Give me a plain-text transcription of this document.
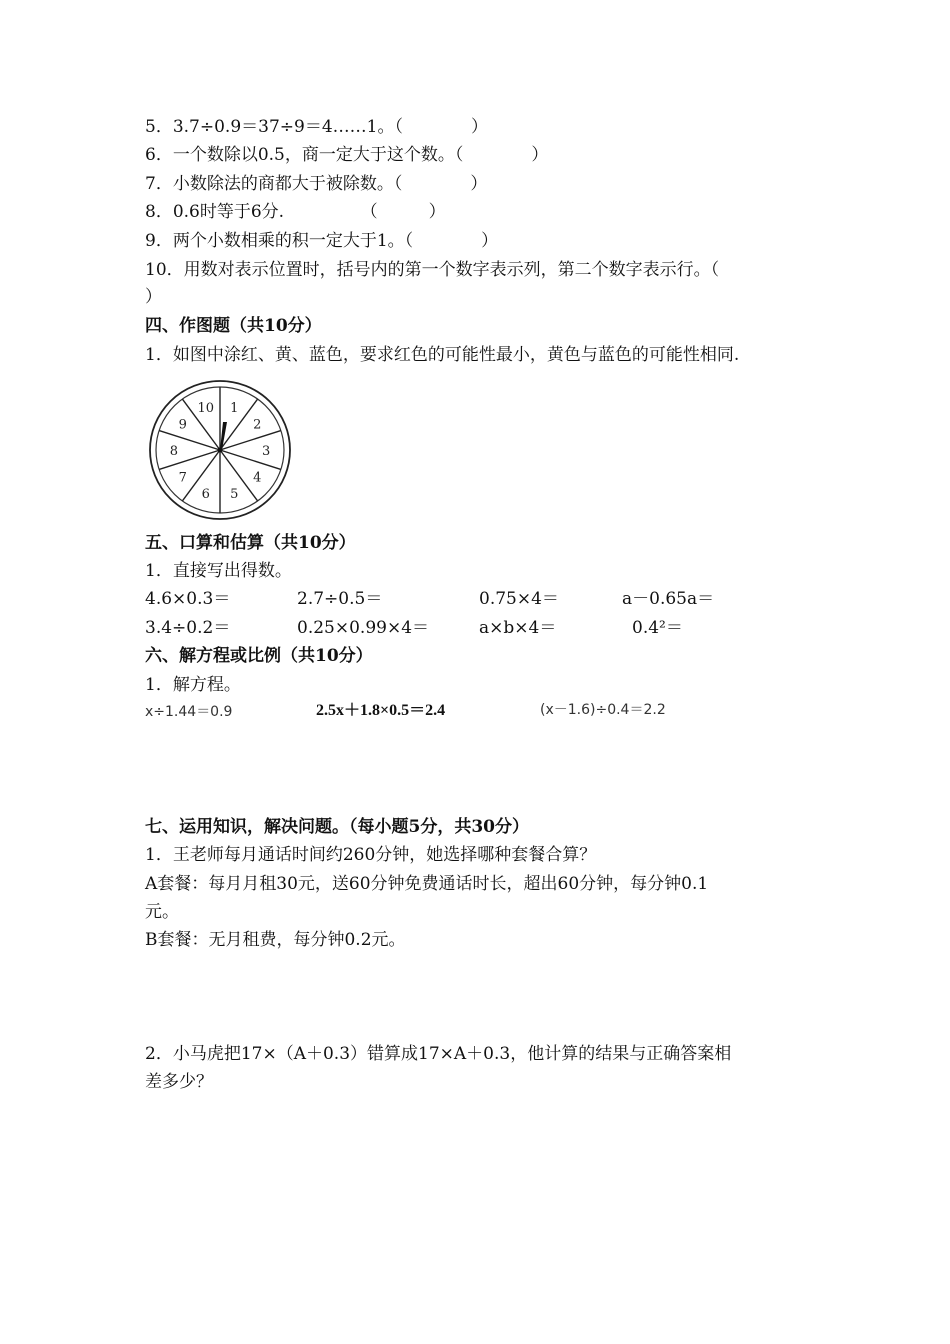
5．3.7÷0.9＝37÷9＝4……1。（　　　　）
6．一个数除以0.5，商一定大于这个数。（　　　　）
7．小数除法的商都大于被除数。（　　　　）
8．0.6时等于6分.　　　　　（　　　）
9．两个小数相乘的积一定大于1。（　　　　）
10．用数对表示位置时，括号内的第一个数字表示列，第二个数字表示行。（
）
四、作图题（共10分）
1．如图中涂红、黄、蓝色，要求红色的可能性最小，黄色与蓝色的可能性相同.
1
2
3
4
5
6
7
8
9
10
五、口算和估算（共10分）
1．直接写出得数。
4.6×0.3＝	2.7÷0.5＝	0.75×4＝	a－0.65a＝
3.4÷0.2＝	0.25×0.99×4＝	a×b×4＝	0.4²＝
六、解方程或比例（共10分）
1．解方程。
x÷1.44＝0.9	2.5x＋1.8×0.5＝2.4	(x－1.6)÷0.4＝2.2
七、运用知识，解决问题。（每小题5分，共30分）
1．王老师每月通话时间约260分钟，她选择哪种套餐合算？
A套餐：每月月租30元，送60分钟免费通话时长，超出60分钟，每分钟0.1
元。
B套餐：无月租费，每分钟0.2元。
2．小马虎把17×（A＋0.3）错算成17×A＋0.3，他计算的结果与正确答案相
差多少？
